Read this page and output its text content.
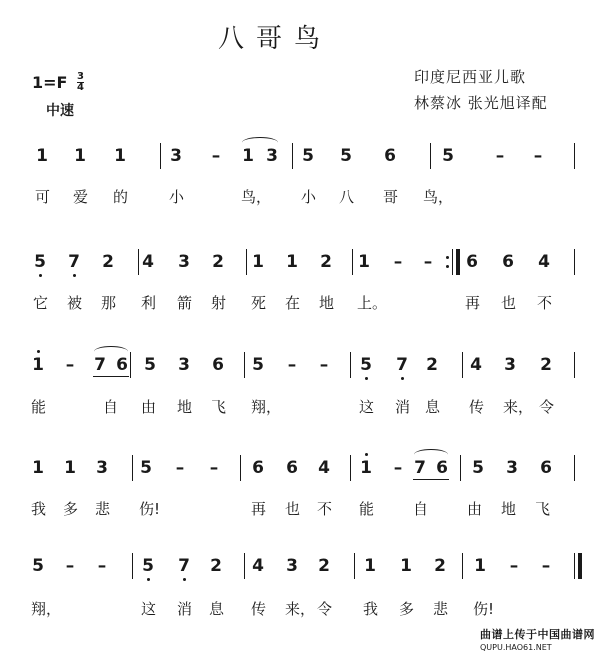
八哥鸟
印度尼西亚儿歌
林蔡冰 张光旭译配
$1=F \frac{3}{4}$
中速
1 1 1	3 – 1 3 5 5 6	5 – –
可 爱 的	小	鸟， 小 八 哥 鸟，
5 7 2 4 3 2 1 1 2 1 – – 6 6 4
它 被 那 利 箭 射 死 在 地 上。	再 也 不
1 – 7 6 5 3 6 5 – – 5 7 2 4 3 2
能	自 由 地 飞 翔，	这 消 息 传 来， 令
1 1 3 5 – – 6 6 4 1 – 7 6 5 3 6
我 多 悲 伤!	再 也 不 能	自	由 地 飞
5 – – 5 7 2 4 3 2 1 1 2 1 – –
翔，	这 消 息 传 来， 令 我 多 悲 伤!
曲谱上传于中国曲谱网
QUPU.HAO61.NET
